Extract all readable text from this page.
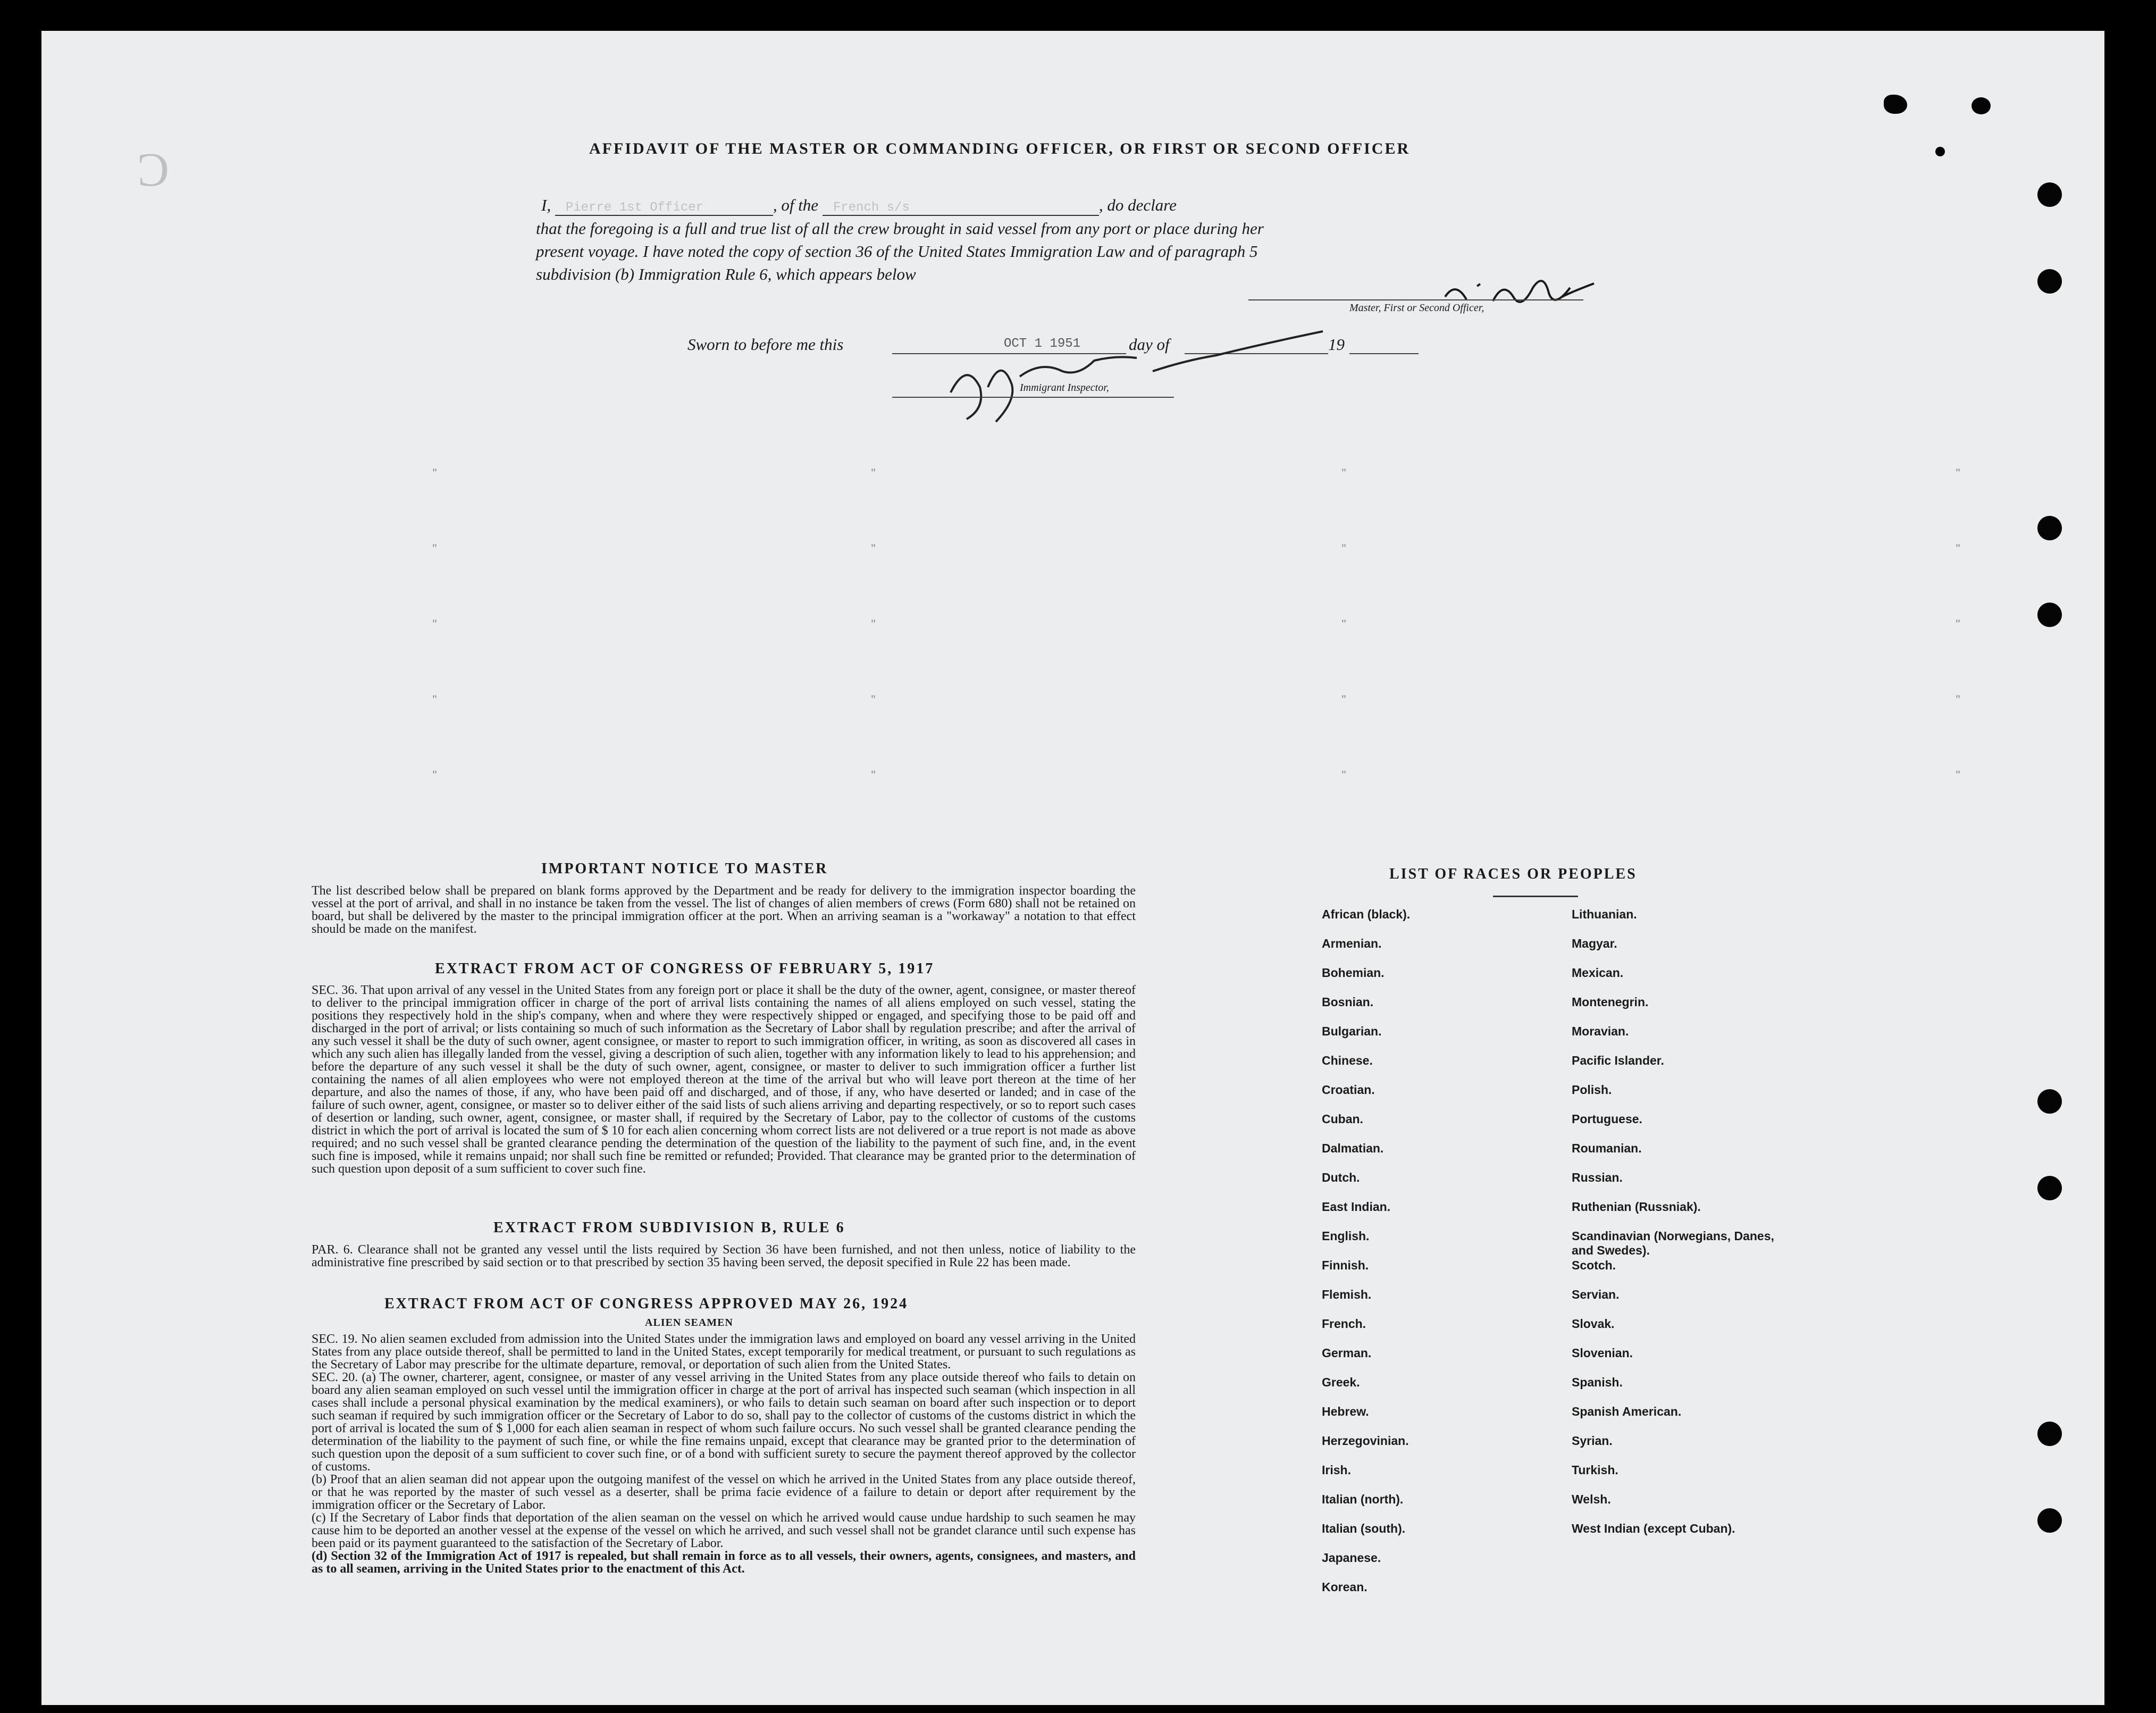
Ɔ
"
"
"
"
"
"
"
"
"
"
"
"
"
"
"
"
"
"
"
"
AFFIDAVIT OF THE MASTER OR COMMANDING OFFICER, OR FIRST OR SECOND OFFICER
I, Pierre 1st Officer	, of the French s/s	, do declare
that the foregoing is a full and true list of all the crew brought in said vessel from any port or place during her
present voyage. I have noted the copy of section 36 of the United States Immigration Law and of paragraph 5
subdivision (b) Immigration Rule 6, which appears below
Master, First or Second Officer,
Sworn to before me this	OCT 1 1951	day of	19
Immigrant Inspector,
IMPORTANT NOTICE TO MASTER
The list described below shall be prepared on blank forms approved by the Department and be ready for delivery to the immigration inspector boarding the vessel at the port of arrival, and shall in no instance be taken from the vessel. The list of changes of alien members of crews (Form 680) shall not be retained on board, but shall be delivered by the master to the principal immigration officer at the port. When an arriving seaman is a "workaway" a notation to that effect should be made on the manifest.
EXTRACT FROM ACT OF CONGRESS OF FEBRUARY 5, 1917
SEC. 36. That upon arrival of any vessel in the United States from any foreign port or place it shall be the duty of the owner, agent, consignee, or master thereof to deliver to the principal immigration officer in charge of the port of arrival lists containing the names of all aliens employed on such vessel, stating the positions they respectively hold in the ship's company, when and where they were respectively shipped or engaged, and specifying those to be paid off and discharged in the port of arrival; or lists containing so much of such information as the Secretary of Labor shall by regulation prescribe; and after the arrival of any such vessel it shall be the duty of such owner, agent consignee, or master to report to such immigration officer, in writing, as soon as discovered all cases in which any such alien has illegally landed from the vessel, giving a description of such alien, together with any information likely to lead to his apprehension; and before the departure of any such vessel it shall be the duty of such owner, agent, consignee, or master to deliver to such immigration officer a further list containing the names of all alien employees who were not employed thereon at the time of the arrival but who will leave port thereon at the time of her departure, and also the names of those, if any, who have been paid off and discharged, and of those, if any, who have deserted or landed; and in case of the failure of such owner, agent, consignee, or master so to deliver either of the said lists of such aliens arriving and departing respectively, or so to report such cases of desertion or landing, such owner, agent, consignee, or master shall, if required by the Secretary of Labor, pay to the collector of customs of the customs district in which the port of arrival is located the sum of $ 10 for each alien concerning whom correct lists are not delivered or a true report is not made as above required; and no such vessel shall be granted clearance pending the determination of the question of the liability to the payment of such fine, and, in the event such fine is imposed, while it remains unpaid; nor shall such fine be remitted or refunded; Provided. That clearance may be granted prior to the determination of such question upon deposit of a sum sufficient to cover such fine.
EXTRACT FROM SUBDIVISION B, RULE 6
PAR. 6. Clearance shall not be granted any vessel until the lists required by Section 36 have been furnished, and not then unless, notice of liability to the administrative fine prescribed by said section or to that prescribed by section 35 having been served, the deposit specified in Rule 22 has been made.
EXTRACT FROM ACT OF CONGRESS APPROVED MAY 26, 1924
ALIEN SEAMEN
SEC. 19. No alien seamen excluded from admission into the United States under the immigration laws and employed on board any vessel arriving in the United States from any place outside thereof, shall be permitted to land in the United States, except temporarily for medical treatment, or pursuant to such regulations as the Secretary of Labor may prescribe for the ultimate departure, removal, or deportation of such alien from the United States.
SEC. 20. (a) The owner, charterer, agent, consignee, or master of any vessel arriving in the United States from any place outside thereof who fails to detain on board any alien seaman employed on such vessel until the immigration officer in charge at the port of arrival has inspected such seaman (which inspection in all cases shall include a personal physical examination by the medical examiners), or who fails to detain such seaman on board after such inspection or to deport such seaman if required by such immigration officer or the Secretary of Labor to do so, shall pay to the collector of customs of the customs district in which the port of arrival is located the sum of $ 1,000 for each alien seaman in respect of whom such failure occurs. No such vessel shall be granted clearance pending the determination of the liability to the payment of such fine, or while the fine remains unpaid, except that clearance may be granted prior to the determination of such question upon the deposit of a sum sufficient to cover such fine, or of a bond with sufficient surety to secure the payment thereof approved by the collector of customs.
(b) Proof that an alien seaman did not appear upon the outgoing manifest of the vessel on which he arrived in the United States from any place outside thereof, or that he was reported by the master of such vessel as a deserter, shall be prima facie evidence of a failure to detain or deport after requirement by the immigration officer or the Secretary of Labor.
(c) If the Secretary of Labor finds that deportation of the alien seaman on the vessel on which he arrived would cause undue hardship to such seamen he may cause him to be deported an another vessel at the expense of the vessel on which he arrived, and such vessel shall not be grandet clarance until such expense has been paid or its payment guaranteed to the satisfaction of the Secretary of Labor.
(d) Section 32 of the Immigration Act of 1917 is repealed, but shall remain in force as to all vessels, their owners, agents, consignees, and masters, and as to all seamen, arriving in the United States prior to the enactment of this Act.
LIST OF RACES OR PEOPLES
African (black).
Armenian.
Bohemian.
Bosnian.
Bulgarian.
Chinese.
Croatian.
Cuban.
Dalmatian.
Dutch.
East Indian.
English.
Finnish.
Flemish.
French.
German.
Greek.
Hebrew.
Herzegovinian.
Irish.
Italian (north).
Italian (south).
Japanese.
Korean.
Lithuanian.
Magyar.
Mexican.
Montenegrin.
Moravian.
Pacific Islander.
Polish.
Portuguese.
Roumanian.
Russian.
Ruthenian (Russniak).
Scandinavian (Norwegians, Danes, and Swedes).
Scotch.
Servian.
Slovak.
Slovenian.
Spanish.
Spanish American.
Syrian.
Turkish.
Welsh.
West Indian (except Cuban).
